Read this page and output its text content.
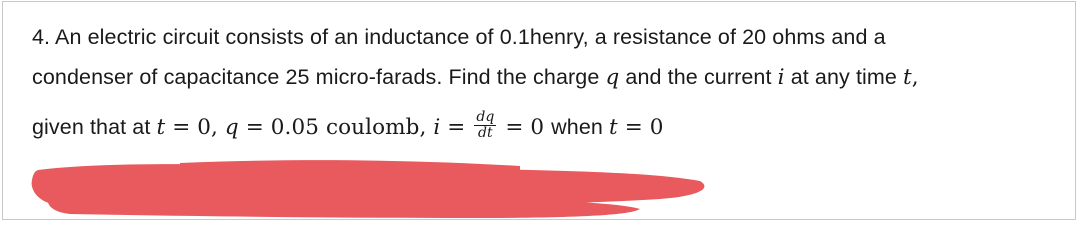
4. An electric circuit consists of an inductance of 0.1henry, a resistance of 20 ohms and a
condenser of capacitance 25 micro-farads. Find the charge q and the current i at any time t,
given that at t = 0, q = 0.05 coulomb, $i = \frac{dq}{dt} = 0$ when t = 0
